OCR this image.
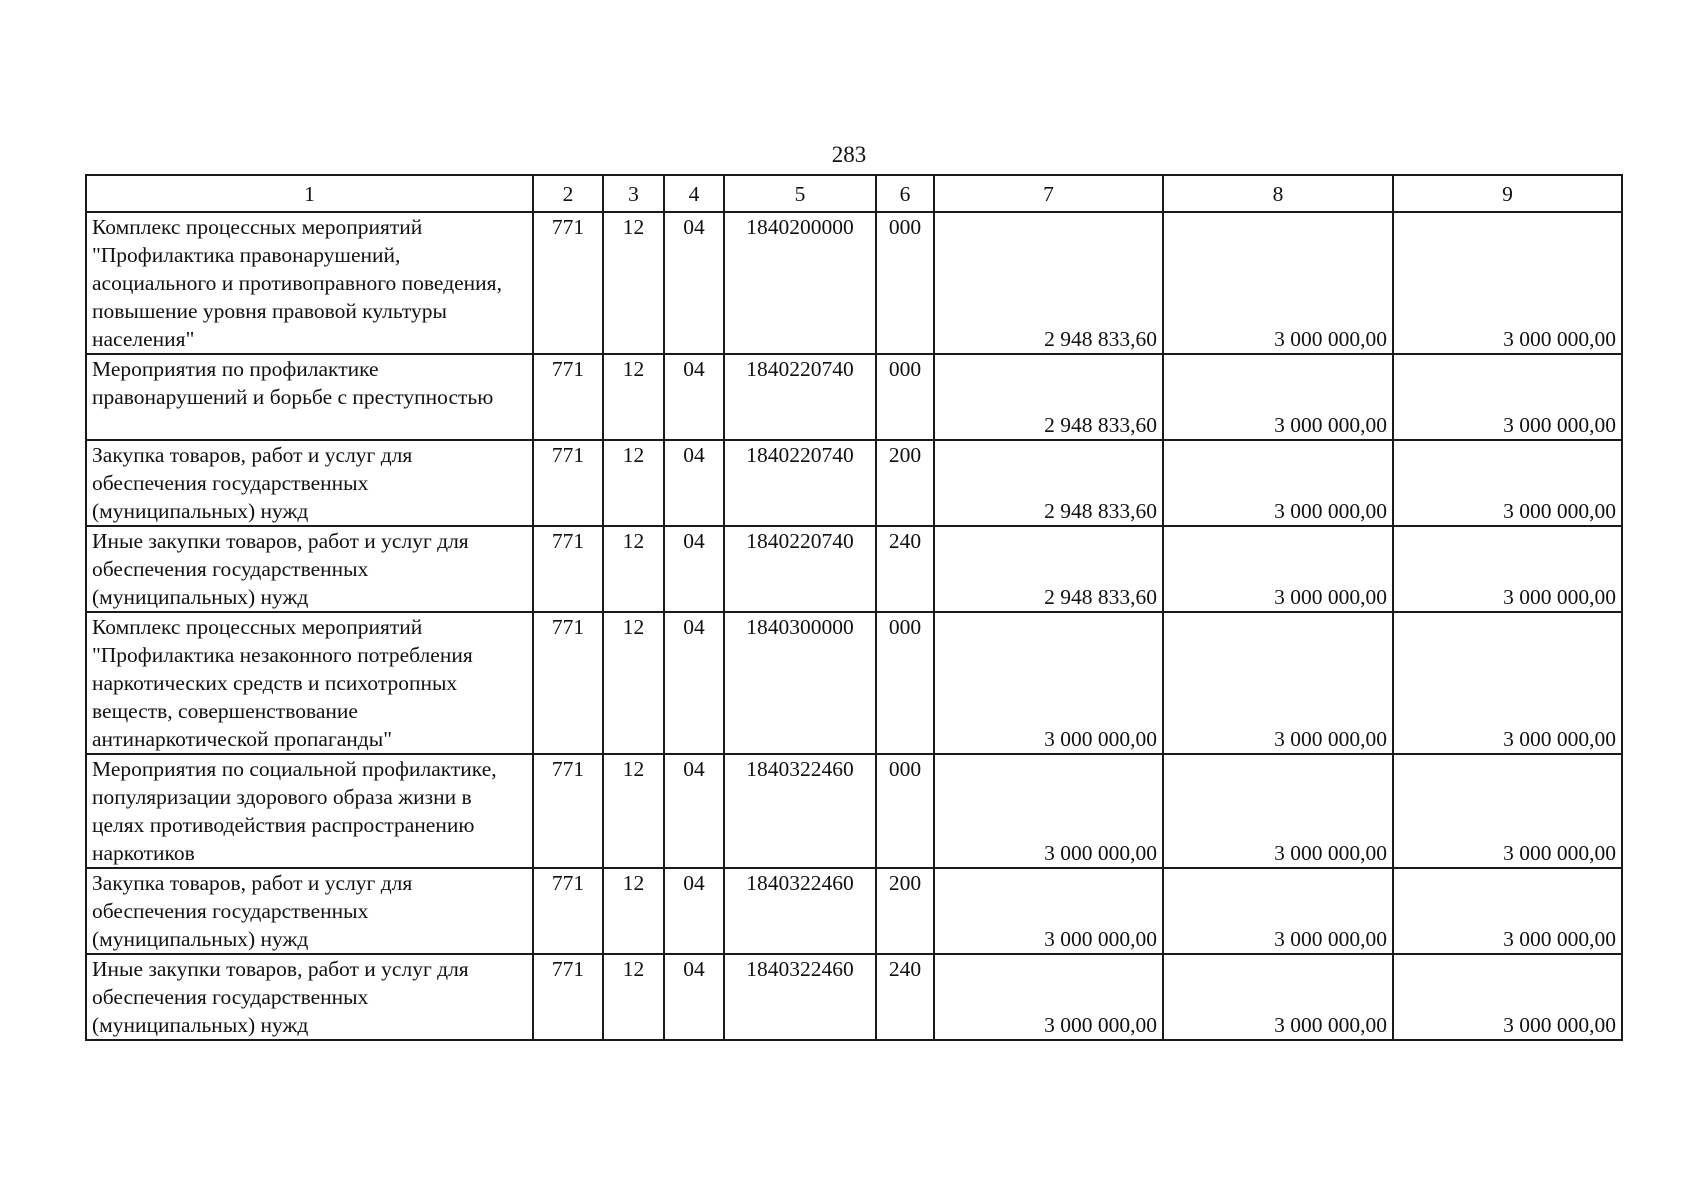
283
1	2	3	4	5	6	7	8	9
Комплекс процессных мероприятий "Профилактика правонарушений, асоциального и противоправного поведения, повышение уровня правовой культуры населения"	771	12	04	1840200000	000	2 948 833,60	3 000 000,00	3 000 000,00
Мероприятия по профилактике правонарушений и борьбе с преступностью	771	12	04	1840220740	000	2 948 833,60	3 000 000,00	3 000 000,00
Закупка товаров, работ и услуг для обеспечения государственных (муниципальных) нужд	771	12	04	1840220740	200	2 948 833,60	3 000 000,00	3 000 000,00
Иные закупки товаров, работ и услуг для обеспечения государственных (муниципальных) нужд	771	12	04	1840220740	240	2 948 833,60	3 000 000,00	3 000 000,00
Комплекс процессных мероприятий "Профилактика незаконного потребления наркотических средств и психотропных веществ, совершенствование антинаркотической пропаганды"	771	12	04	1840300000	000	3 000 000,00	3 000 000,00	3 000 000,00
Мероприятия по социальной профилактике, популяризации здорового образа жизни в целях противодействия распространению наркотиков	771	12	04	1840322460	000	3 000 000,00	3 000 000,00	3 000 000,00
Закупка товаров, работ и услуг для обеспечения государственных (муниципальных) нужд	771	12	04	1840322460	200	3 000 000,00	3 000 000,00	3 000 000,00
Иные закупки товаров, работ и услуг для обеспечения государственных (муниципальных) нужд	771	12	04	1840322460	240	3 000 000,00	3 000 000,00	3 000 000,00
